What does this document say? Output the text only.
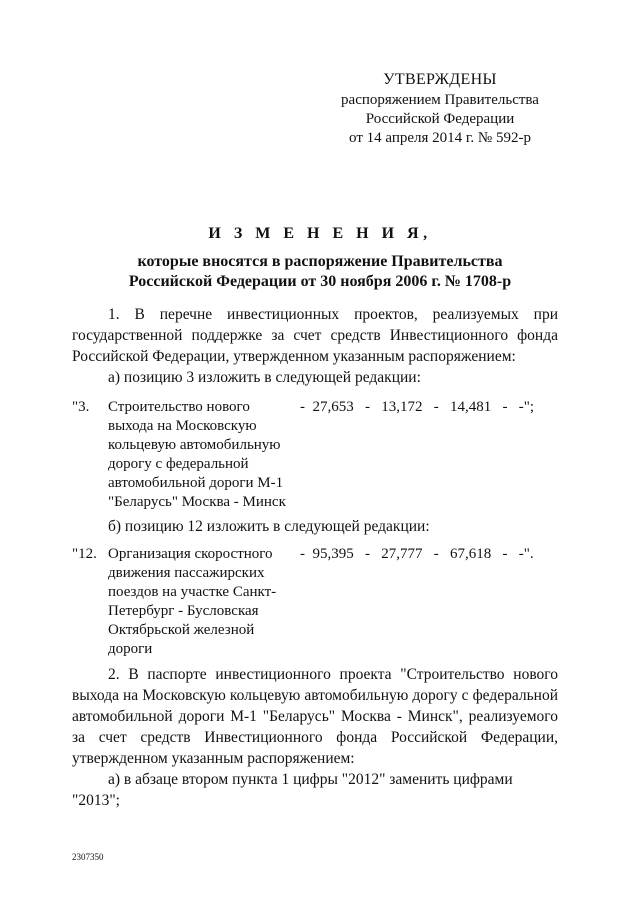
УТВЕРЖДЕНЫ
распоряжением Правительства
Российской Федерации
от 14 апреля 2014 г. № 592-р
И З М Е Н Е Н И Я,
которые вносятся в распоряжение Правительства
Российской Федерации от 30 ноября 2006 г. № 1708-р

1. В перечне инвестиционных проектов, реализуемых при государственной поддержке за счет средств Инвестиционного фонда Российской Федерации, утвержденном указанным распоряжением:

а) позицию 3 изложить в следующей редакции:

"3. Строительство нового выхода на Московскую кольцевую автомобильную дорогу с федеральной автомобильной дороги М-1 "Беларусь" Москва - Минск
-  27,653   -   13,172   -   14,481   -   -";

б) позицию 12 изложить в следующей редакции:

"12. Организация скоростного движения пассажирских поездов на участке Санкт-Петербург - Бусловская Октябрьской железной дороги
-  95,395   -   27,777   -   67,618   -   -".

2. В паспорте инвестиционного проекта "Строительство нового выхода на Московскую кольцевую автомобильную дорогу с федеральной автомобильной дороги М-1 "Беларусь" Москва - Минск", реализуемого за счет средств Инвестиционного фонда Российской Федерации, утвержденном указанным распоряжением:

а) в абзаце втором пункта 1 цифры "2012" заменить цифрами "2013";

2307350
